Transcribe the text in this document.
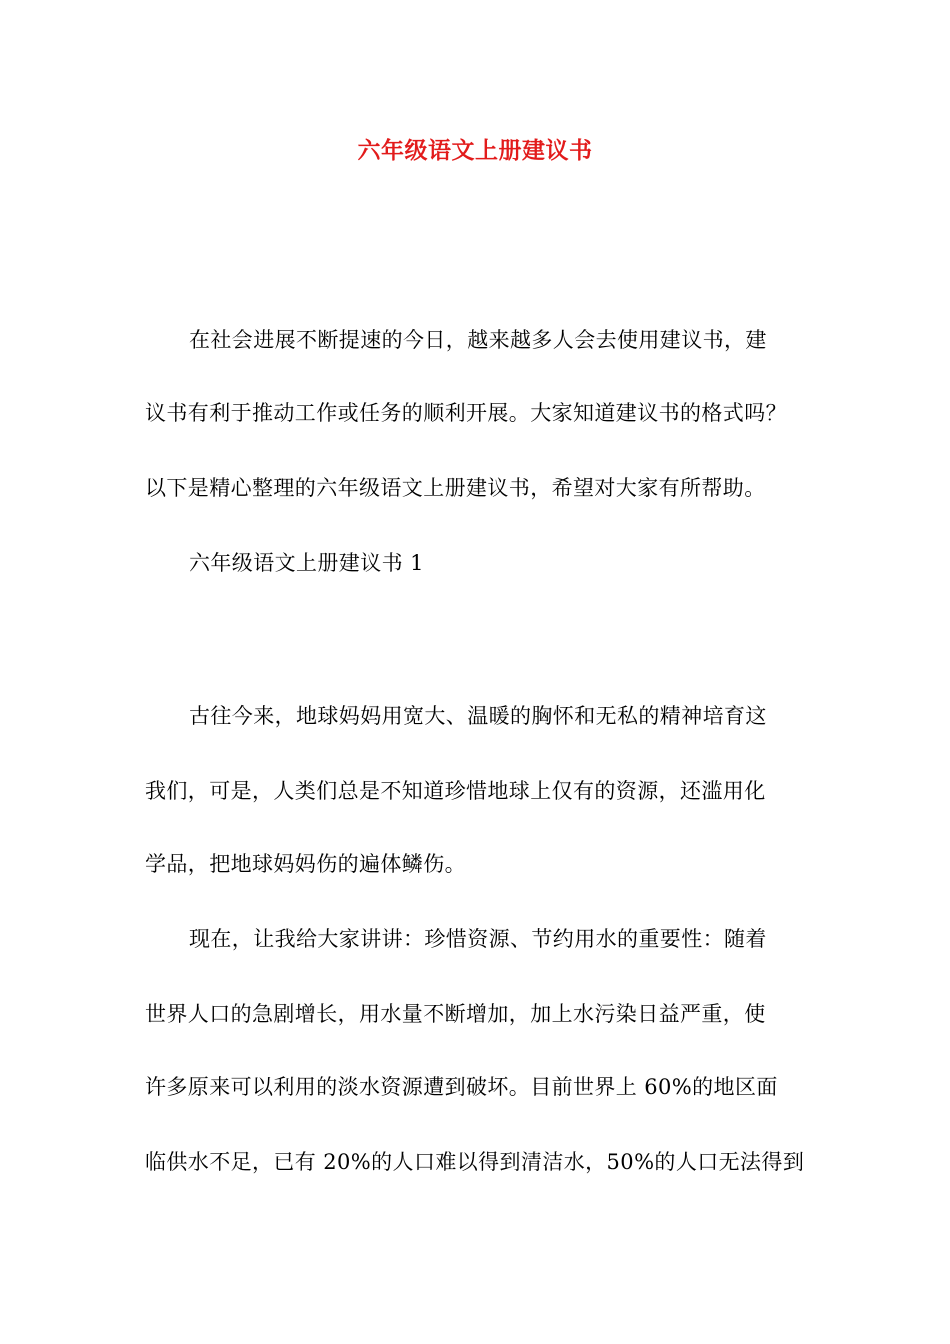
六年级语文上册建议书
在社会进展不断提速的今日，越来越多人会去使用建议书，建
议书有利于推动工作或任务的顺利开展。大家知道建议书的格式吗？
以下是精心整理的六年级语文上册建议书，希望对大家有所帮助。
六年级语文上册建议书 1
古往今来，地球妈妈用宽大、温暖的胸怀和无私的精神培育这
我们，可是，人类们总是不知道珍惜地球上仅有的资源，还滥用化
学品，把地球妈妈伤的遍体鳞伤。
现在，让我给大家讲讲：珍惜资源、节约用水的重要性：随着
世界人口的急剧增长，用水量不断增加，加上水污染日益严重，使
许多原来可以利用的淡水资源遭到破坏。目前世界上 60%的地区面
临供水不足，已有 20%的人口难以得到清洁水，50%的人口无法得到
